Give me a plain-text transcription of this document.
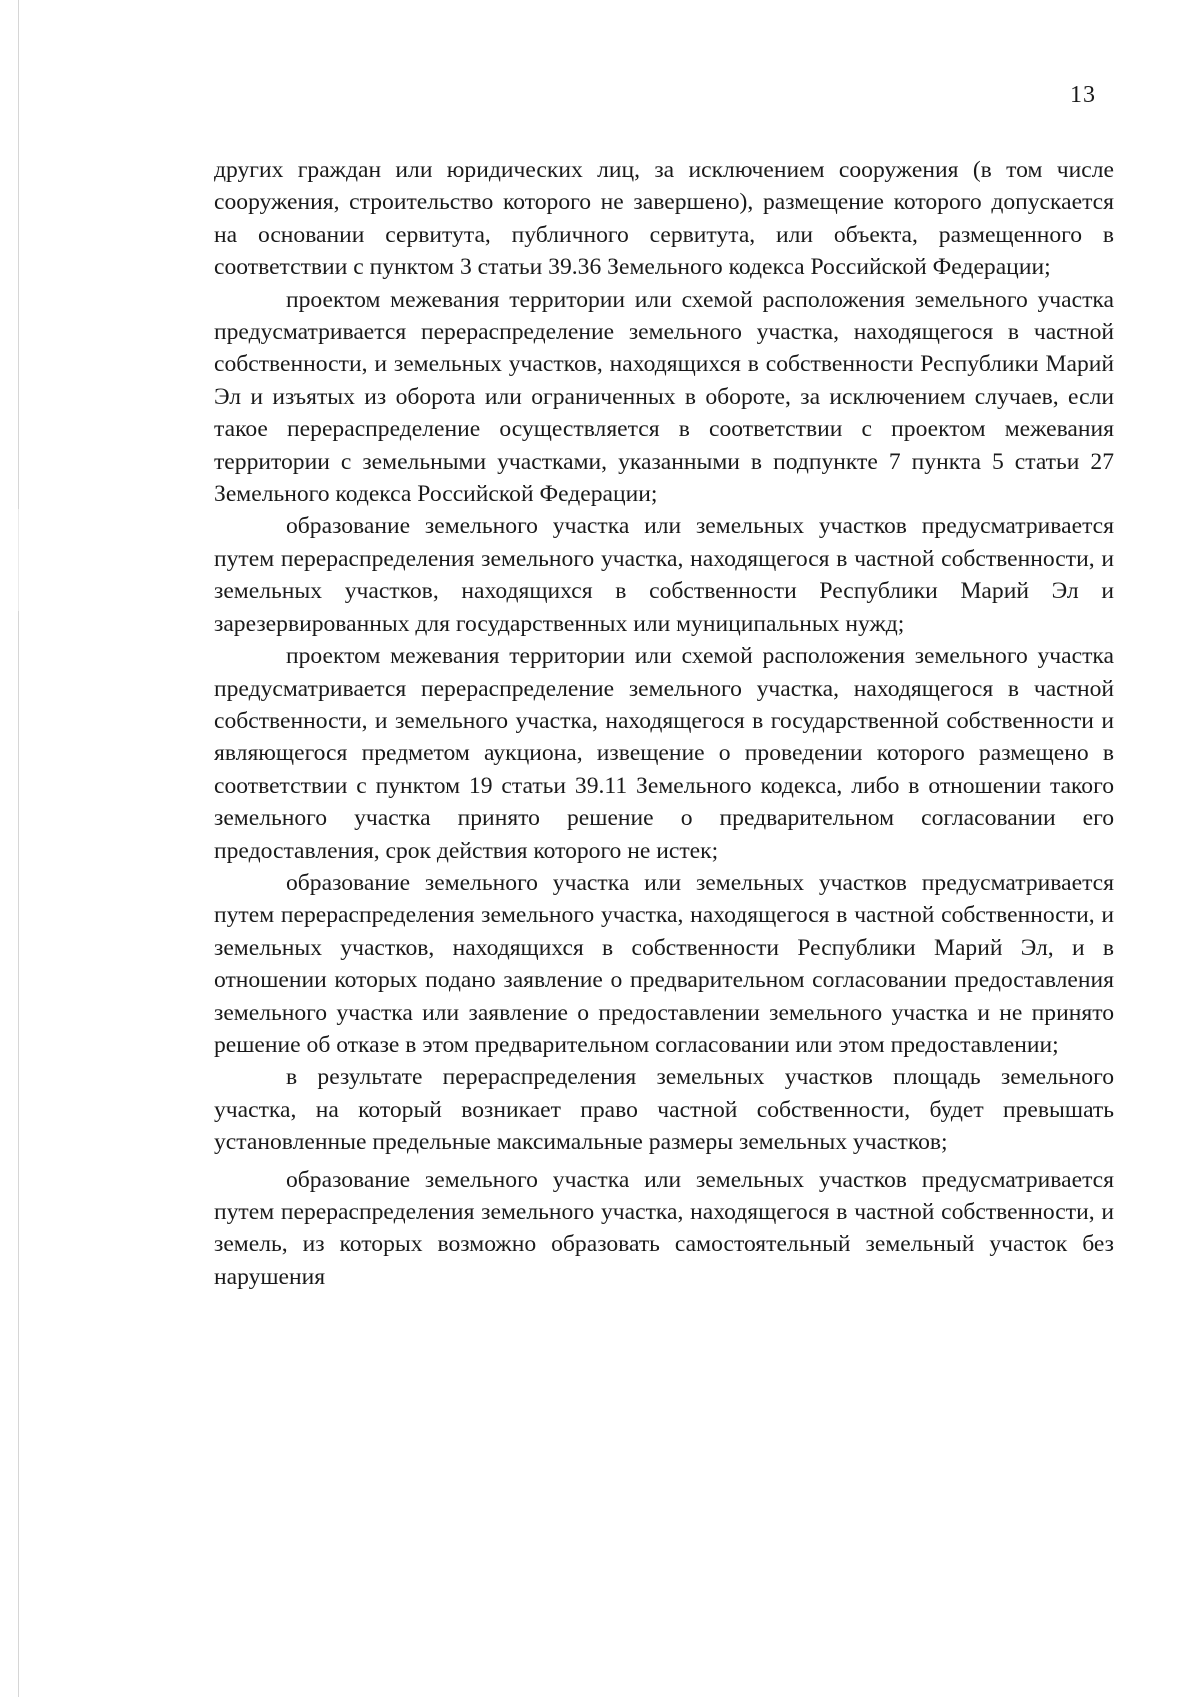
13

других граждан или юридических лиц, за исключением сооружения (в том числе сооружения, строительство которого не завершено), размещение которого допускается на основании сервитута, публичного сервитута, или объекта, размещенного в соответствии с пунктом 3 статьи 39.36 Земельного кодекса Российской Федерации;

проектом межевания территории или схемой расположения земельного участка предусматривается перераспределение земельного участка, находящегося в частной собственности, и земельных участков, находящихся в собственности Республики Марий Эл и изъятых из оборота или ограниченных в обороте, за исключением случаев, если такое перераспределение осуществляется в соответствии с проектом межевания территории с земельными участками, указанными в подпункте 7 пункта 5 статьи 27 Земельного кодекса Российской Федерации;

образование земельного участка или земельных участков предусматривается путем перераспределения земельного участка, находящегося в частной собственности, и земельных участков, находящихся в собственности Республики Марий Эл и зарезервированных для государственных или муниципальных нужд;

проектом межевания территории или схемой расположения земельного участка предусматривается перераспределение земельного участка, находящегося в частной собственности, и земельного участка, находящегося в государственной собственности и являющегося предметом аукциона, извещение о проведении которого размещено в соответствии с пунктом 19 статьи 39.11 Земельного кодекса, либо в отношении такого земельного участка принято решение о предварительном согласовании его предоставления, срок действия которого не истек;

образование земельного участка или земельных участков предусматривается путем перераспределения земельного участка, находящегося в частной собственности, и земельных участков, находящихся в собственности Республики Марий Эл, и в отношении которых подано заявление о предварительном согласовании предоставления земельного участка или заявление о предоставлении земельного участка и не принято решение об отказе в этом предварительном согласовании или этом предоставлении;

в результате перераспределения земельных участков площадь земельного участка, на который возникает право частной собственности, будет превышать установленные предельные максимальные размеры земельных участков;

образование земельного участка или земельных участков предусматривается путем перераспределения земельного участка, находящегося в частной собственности, и земель, из которых возможно образовать самостоятельный земельный участок без нарушения
